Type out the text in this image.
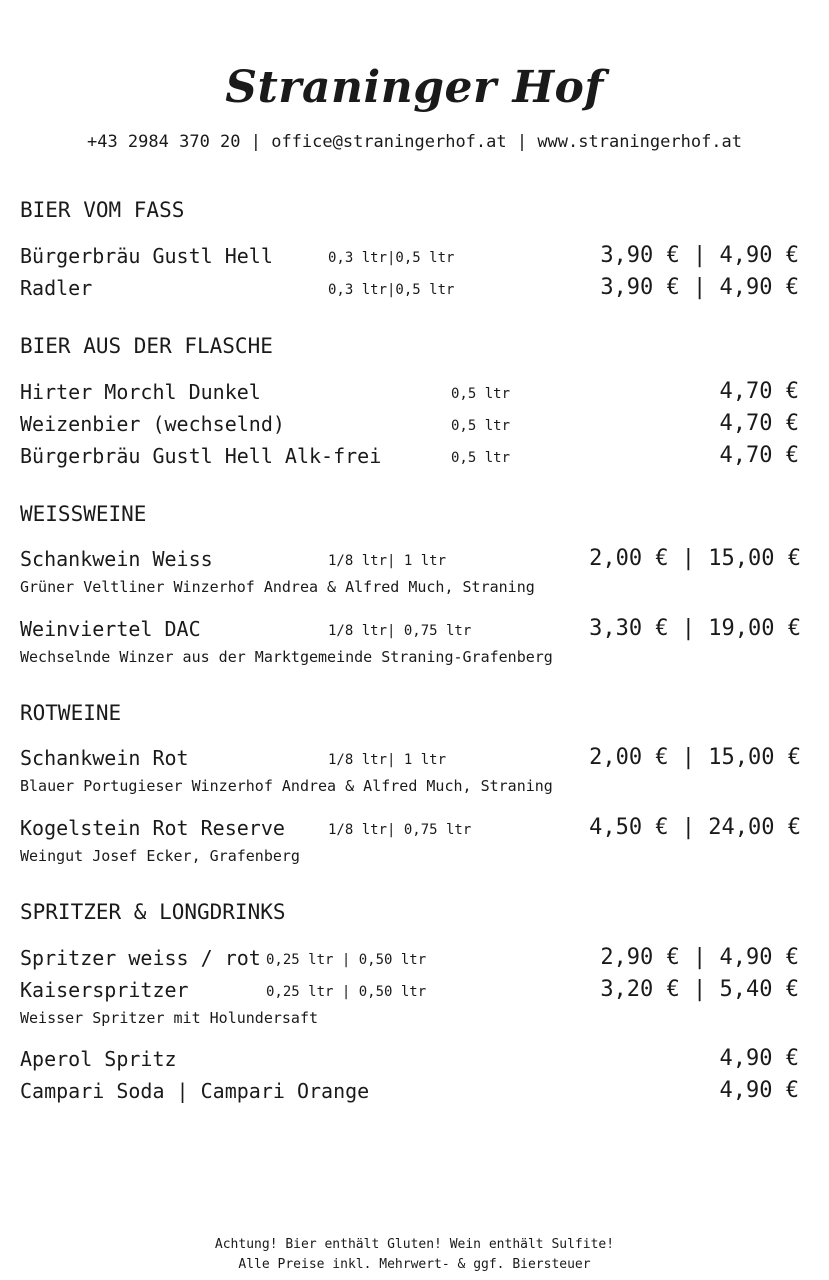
Straninger Hof
+43 2984 370 20 | office@straningerhof.at | www.straningerhof.at
BIER VOM FASS
Bürgerbräu Gustl Hell	0,3 ltr|0,5 ltr	3,90 € | 4,90 €
Radler	0,3 ltr|0,5 ltr	3,90 € | 4,90 €
BIER AUS DER FLASCHE
Hirter Morchl Dunkel	0,5 ltr	4,70 €
Weizenbier (wechselnd)	0,5 ltr	4,70 €
Bürgerbräu Gustl Hell Alk-frei	0,5 ltr	4,70 €
WEISSWEINE
Schankwein Weiss	1/8 ltr| 1 ltr	2,00 € | 15,00 €
Grüner Veltliner Winzerhof Andrea & Alfred Much, Straning
Weinviertel DAC	1/8 ltr| 0,75 ltr	3,30 € | 19,00 €
Wechselnde Winzer aus der Marktgemeinde Straning-Grafenberg
ROTWEINE
Schankwein Rot	1/8 ltr| 1 ltr	2,00 € | 15,00 €
Blauer Portugieser Winzerhof Andrea & Alfred Much, Straning
Kogelstein Rot Reserve	1/8 ltr| 0,75 ltr	4,50 € | 24,00 €
Weingut Josef Ecker, Grafenberg
SPRITZER & LONGDRINKS
Spritzer weiss / rot 0,25 ltr | 0,50 ltr	2,90 € | 4,90 €
Kaiserspritzer	0,25 ltr | 0,50 ltr	3,20 € | 5,40 €
Weisser Spritzer mit Holundersaft
Aperol Spritz	4,90 €
Campari Soda | Campari Orange	4,90 €
Achtung! Bier enthält Gluten! Wein enthält Sulfite!
Alle Preise inkl. Mehrwert- & ggf. Biersteuer
